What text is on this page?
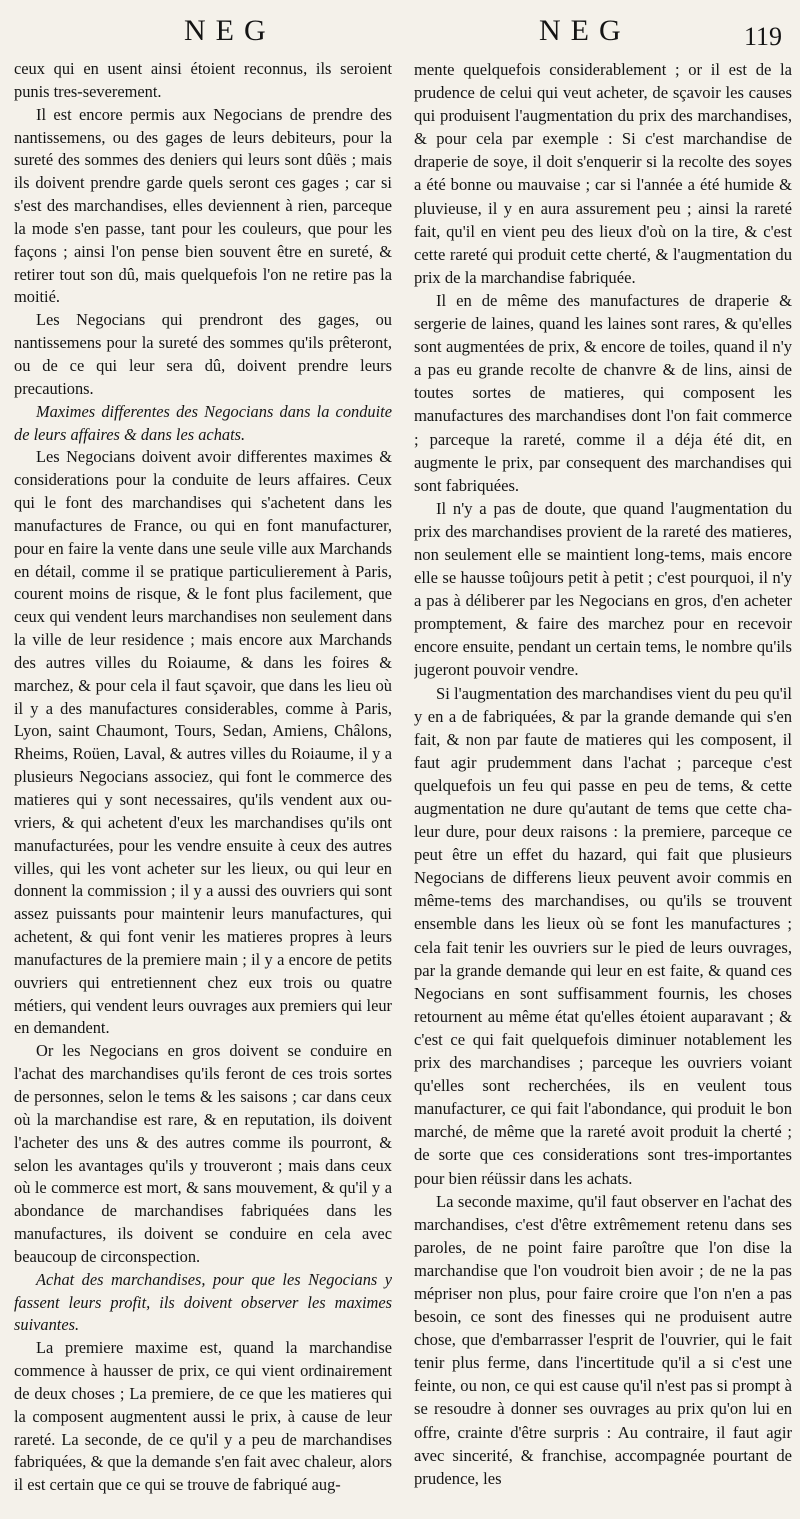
NEG	NEG	119

ceux qui en usent ainsi étoient reconnus, ils seroient punis tres-severement.

Il est encore permis aux Negocians de prendre des nantissemens, ou des gages de leurs debiteurs, pour la sureté des sommes des deniers qui leurs sont dûës ; mais ils doivent prendre garde quels seront ces gages ; car si s'est des marchandises, elles deviennent à rien, parceque la mode s'en passe, tant pour les couleurs, que pour les façons ; ainsi l'on pense bien souvent être en sureté, & retirer tout son dû, mais quelquefois l'on ne retire pas la moitié.

Les Negocians qui prendront des gages, ou nantissemens pour la sureté des sommes qu'ils prêteront, ou de ce qui leur sera dû, doivent prendre leurs precautions.

Maximes differentes des Negocians dans la conduite de leurs affaires & dans les achats.

Les Negocians doivent avoir differentes maximes & considerations pour la conduite de leurs affaires. Ceux qui le font des marchandises qui s'achetent dans les manufactures de France, ou qui en font manufacturer, pour en faire la vente dans une seule ville aux Marchands en détail, comme il se pratique particulierement à Paris, courent moins de risque, & le font plus facilement, que ceux qui vendent leurs marchandises non seulement dans la ville de leur residence ; mais encore aux Marchands des autres villes du Roiaume, & dans les foires & marchez, & pour cela il faut sçavoir, que dans les lieu où il y a des manufactures considerables, comme à Paris, Lyon, saint Chaumont, Tours, Sedan, Amiens, Châlons, Rheims, Roüen, Laval, & autres villes du Roiaume, il y a plusieurs Negocians associez, qui font le commerce des matieres qui y sont necessaires, qu'ils vendent aux ouvriers, & qui achetent d'eux les marchandises qu'ils ont manufacturées, pour les vendre ensuite à ceux des autres villes, qui les vont acheter sur les lieux, ou qui leur en donnent la commission ; il y a aussi des ouvriers qui sont assez puissants pour maintenir leurs manufactures, qui achetent, & qui font venir les matieres propres à leurs manufactures de la premiere main ; il y a encore de petits ouvriers qui entretiennent chez eux trois ou quatre métiers, qui vendent leurs ouvrages aux premiers qui leur en demandent.

Or les Negocians en gros doivent se conduire en l'achat des marchandises qu'ils feront de ces trois sortes de personnes, selon le tems & les saisons ; car dans ceux où la marchandise est rare, & en reputation, ils doivent l'acheter des uns & des autres comme ils pourront, & selon les avantages qu'ils y trouveront ; mais dans ceux où le commerce est mort, & sans mouvement, & qu'il y a abondance de marchandises fabriquées dans les manufactures, ils doivent se conduire en cela avec beaucoup de circonspection.

Achat des marchandises, pour que les Negocians y fassent leurs profit, ils doivent observer les maximes suivantes.

La premiere maxime est, quand la marchandise commence à hausser de prix, ce qui vient ordinairement de deux choses ; La premiere, de ce que les matieres qui la composent augmentent aussi le prix, à cause de leur rareté. La seconde, de ce qu'il y a peu de marchandises fabriquées, & que la demande s'en fait avec chaleur, alors il est certain que ce qui se trouve de fabriqué aug-

mente quelquefois considerablement ; or il est de la prudence de celui qui veut acheter, de sçavoir les causes qui produisent l'augmentation du prix des marchandises, & pour cela par exemple : Si c'est marchandise de draperie de soye, il doit s'enquerir si la recolte des soyes a été bonne ou mauvaise ; car si l'année a été humide & pluvieuse, il y en aura assurement peu ; ainsi la rareté fait, qu'il en vient peu des lieux d'où on la tire, & c'est cette rareté qui produit cette cherté, & l'augmentation du prix de la marchandise fabriquée.

Il en de même des manufactures de draperie & sergerie de laines, quand les laines sont rares, & qu'elles sont augmentées de prix, & encore de toiles, quand il n'y a pas eu grande recolte de chanvre & de lins, ainsi de toutes sortes de matieres, qui composent les manufactures des marchandises dont l'on fait commerce ; parceque la rareté, comme il a déja été dit, en augmente le prix, par consequent des marchandises qui sont fabriquées.

Il n'y a pas de doute, que quand l'augmentation du prix des marchandises provient de la rareté des matieres, non seulement elle se maintient long-tems, mais encore elle se hausse toûjours petit à petit ; c'est pourquoi, il n'y a pas à déliberer par les Negocians en gros, d'en acheter promptement, & faire des marchez pour en recevoir encore ensuite, pendant un certain tems, le nombre qu'ils jugeront pouvoir vendre.

Si l'augmentation des marchandises vient du peu qu'il y en a de fabriquées, & par la grande demande qui s'en fait, & non par faute de matieres qui les composent, il faut agir prudemment dans l'achat ; parceque c'est quelquefois un feu qui passe en peu de tems, & cette augmentation ne dure qu'autant de tems que cette chaleur dure, pour deux raisons : la premiere, parceque ce peut être un effet du hazard, qui fait que plusieurs Negocians de differens lieux peuvent avoir commis en même-tems des marchandises, ou qu'ils se trouvent ensemble dans les lieux où se font les manufactures ; cela fait tenir les ouvriers sur le pied de leurs ouvrages, par la grande demande qui leur en est faite, & quand ces Negocians en sont suffisamment fournis, les choses retournent au même état qu'elles étoient auparavant ; & c'est ce qui fait quelquefois diminuer notablement les prix des marchandises ; parceque les ouvriers voiant qu'elles sont recherchées, ils en veulent tous manufacturer, ce qui fait l'abondance, qui produit le bon marché, de même que la rareté avoit produit la cherté ; de sorte que ces considerations sont tres-importantes pour bien réüssir dans les achats.

La seconde maxime, qu'il faut observer en l'achat des marchandises, c'est d'être extrêmement retenu dans ses paroles, de ne point faire paroître que l'on dise la marchandise que l'on voudroit bien avoir ; de ne la pas mépriser non plus, pour faire croire que l'on n'en a pas besoin, ce sont des finesses qui ne produisent autre chose, que d'embarrasser l'esprit de l'ouvrier, qui le fait tenir plus ferme, dans l'incertitude qu'il a si c'est une feinte, ou non, ce qui est cause qu'il n'est pas si prompt à se resoudre à donner ses ouvrages au prix qu'on lui en offre, crainte d'être surpris : Au contraire, il faut agir avec sincerité, & franchise, accompagnée pourtant de prudence, les
